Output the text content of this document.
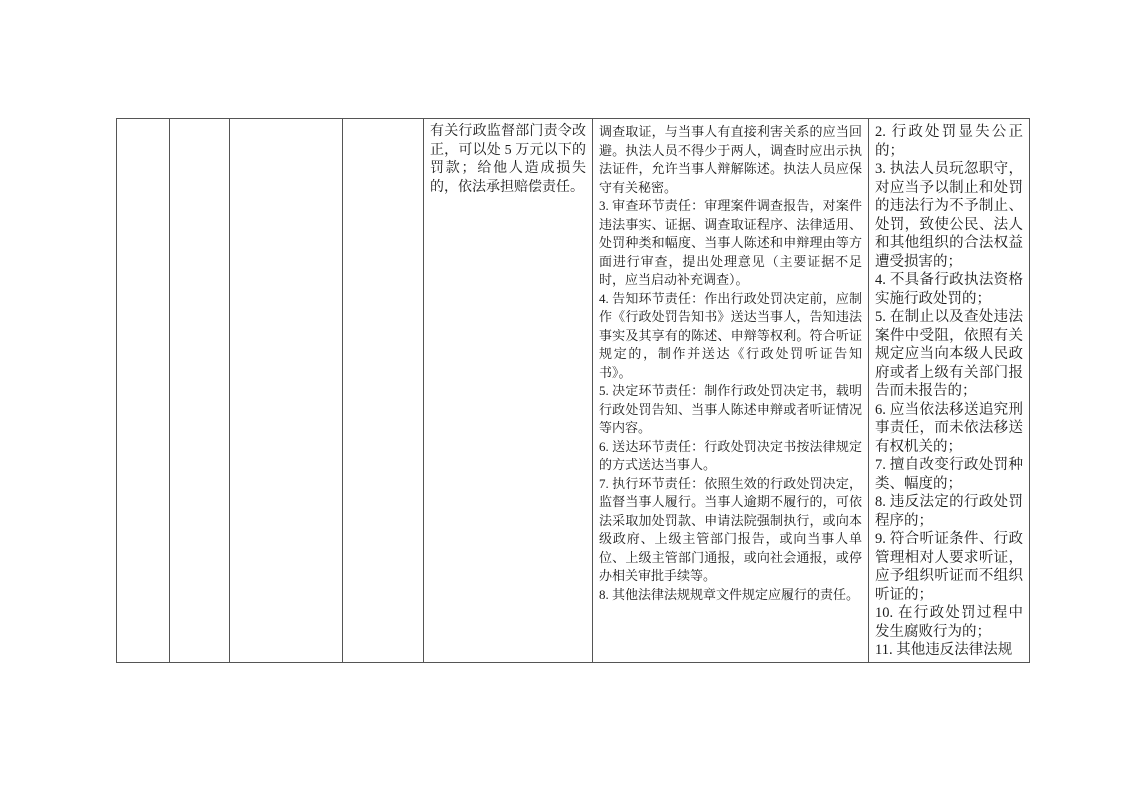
有关行政监督部门责令改正，可以处 5 万元以下的罚款；给他人造成损失的，依法承担赔偿责任。

调查取证，与当事人有直接利害关系的应当回避。执法人员不得少于两人，调查时应出示执法证件，允许当事人辩解陈述。执法人员应保守有关秘密。

3. 审查环节责任：审理案件调查报告，对案件违法事实、证据、调查取证程序、法律适用、处罚种类和幅度、当事人陈述和申辩理由等方面进行审查，提出处理意见（主要证据不足时，应当启动补充调查）。

4. 告知环节责任：作出行政处罚决定前，应制作《行政处罚告知书》送达当事人，告知违法事实及其享有的陈述、申辩等权利。符合听证规定的，制作并送达《行政处罚听证告知书》。

5. 决定环节责任：制作行政处罚决定书，载明行政处罚告知、当事人陈述申辩或者听证情况等内容。

6. 送达环节责任：行政处罚决定书按法律规定的方式送达当事人。

7. 执行环节责任：依照生效的行政处罚决定，监督当事人履行。当事人逾期不履行的，可依法采取加处罚款、申请法院强制执行，或向本级政府、上级主管部门报告，或向当事人单位、上级主管部门通报，或向社会通报，或停办相关审批手续等。

8. 其他法律法规规章文件规定应履行的责任。

2. 行政处罚显失公正的；

3. 执法人员玩忽职守，对应当予以制止和处罚的违法行为不予制止、处罚，致使公民、法人和其他组织的合法权益遭受损害的；

4. 不具备行政执法资格实施行政处罚的；

5. 在制止以及查处违法案件中受阻，依照有关规定应当向本级人民政府或者上级有关部门报告而未报告的；

6. 应当依法移送追究刑事责任，而未依法移送有权机关的；

7. 擅自改变行政处罚种类、幅度的；

8. 违反法定的行政处罚程序的；

9. 符合听证条件、行政管理相对人要求听证，应予组织听证而不组织听证的；

10. 在行政处罚过程中发生腐败行为的；

11. 其他违反法律法规
